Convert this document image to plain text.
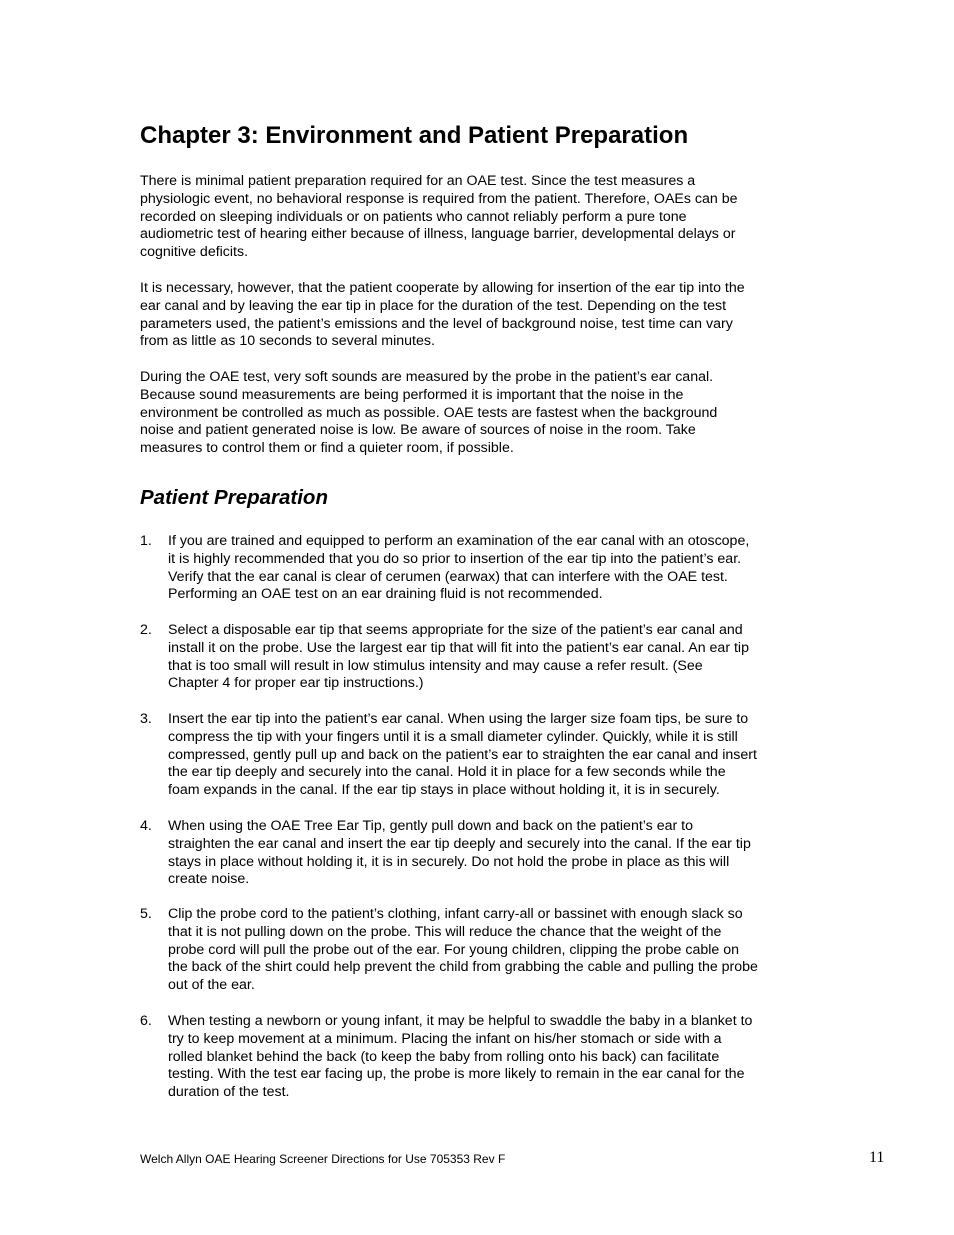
Chapter 3: Environment and Patient Preparation

There is minimal patient preparation required for an OAE test. Since the test measures a
physiologic event, no behavioral response is required from the patient. Therefore, OAEs can be
recorded on sleeping individuals or on patients who cannot reliably perform a pure tone
audiometric test of hearing either because of illness, language barrier, developmental delays or
cognitive deficits.

It is necessary, however, that the patient cooperate by allowing for insertion of the ear tip into the
ear canal and by leaving the ear tip in place for the duration of the test. Depending on the test
parameters used, the patient’s emissions and the level of background noise, test time can vary
from as little as 10 seconds to several minutes.

During the OAE test, very soft sounds are measured by the probe in the patient’s ear canal.
Because sound measurements are being performed it is important that the noise in the
environment be controlled as much as possible. OAE tests are fastest when the background
noise and patient generated noise is low. Be aware of sources of noise in the room. Take
measures to control them or find a quieter room, if possible.

Patient Preparation
1. If you are trained and equipped to perform an examination of the ear canal with an otoscope,
it is highly recommended that you do so prior to insertion of the ear tip into the patient’s ear.
Verify that the ear canal is clear of cerumen (earwax) that can interfere with the OAE test.
Performing an OAE test on an ear draining fluid is not recommended.
2. Select a disposable ear tip that seems appropriate for the size of the patient’s ear canal and
install it on the probe. Use the largest ear tip that will fit into the patient’s ear canal. An ear tip
that is too small will result in low stimulus intensity and may cause a refer result. (See
Chapter 4 for proper ear tip instructions.)
3. Insert the ear tip into the patient’s ear canal. When using the larger size foam tips, be sure to
compress the tip with your fingers until it is a small diameter cylinder. Quickly, while it is still
compressed, gently pull up and back on the patient’s ear to straighten the ear canal and insert
the ear tip deeply and securely into the canal. Hold it in place for a few seconds while the
foam expands in the canal. If the ear tip stays in place without holding it, it is in securely.
4. When using the OAE Tree Ear Tip, gently pull down and back on the patient’s ear to
straighten the ear canal and insert the ear tip deeply and securely into the canal. If the ear tip
stays in place without holding it, it is in securely. Do not hold the probe in place as this will
create noise.
5. Clip the probe cord to the patient’s clothing, infant carry-all or bassinet with enough slack so
that it is not pulling down on the probe. This will reduce the chance that the weight of the
probe cord will pull the probe out of the ear. For young children, clipping the probe cable on
the back of the shirt could help prevent the child from grabbing the cable and pulling the probe
out of the ear.
6. When testing a newborn or young infant, it may be helpful to swaddle the baby in a blanket to
try to keep movement at a minimum. Placing the infant on his/her stomach or side with a
rolled blanket behind the back (to keep the baby from rolling onto his back) can facilitate
testing. With the test ear facing up, the probe is more likely to remain in the ear canal for the
duration of the test.
Welch Allyn OAE Hearing Screener Directions for Use 705353 Rev F	11
